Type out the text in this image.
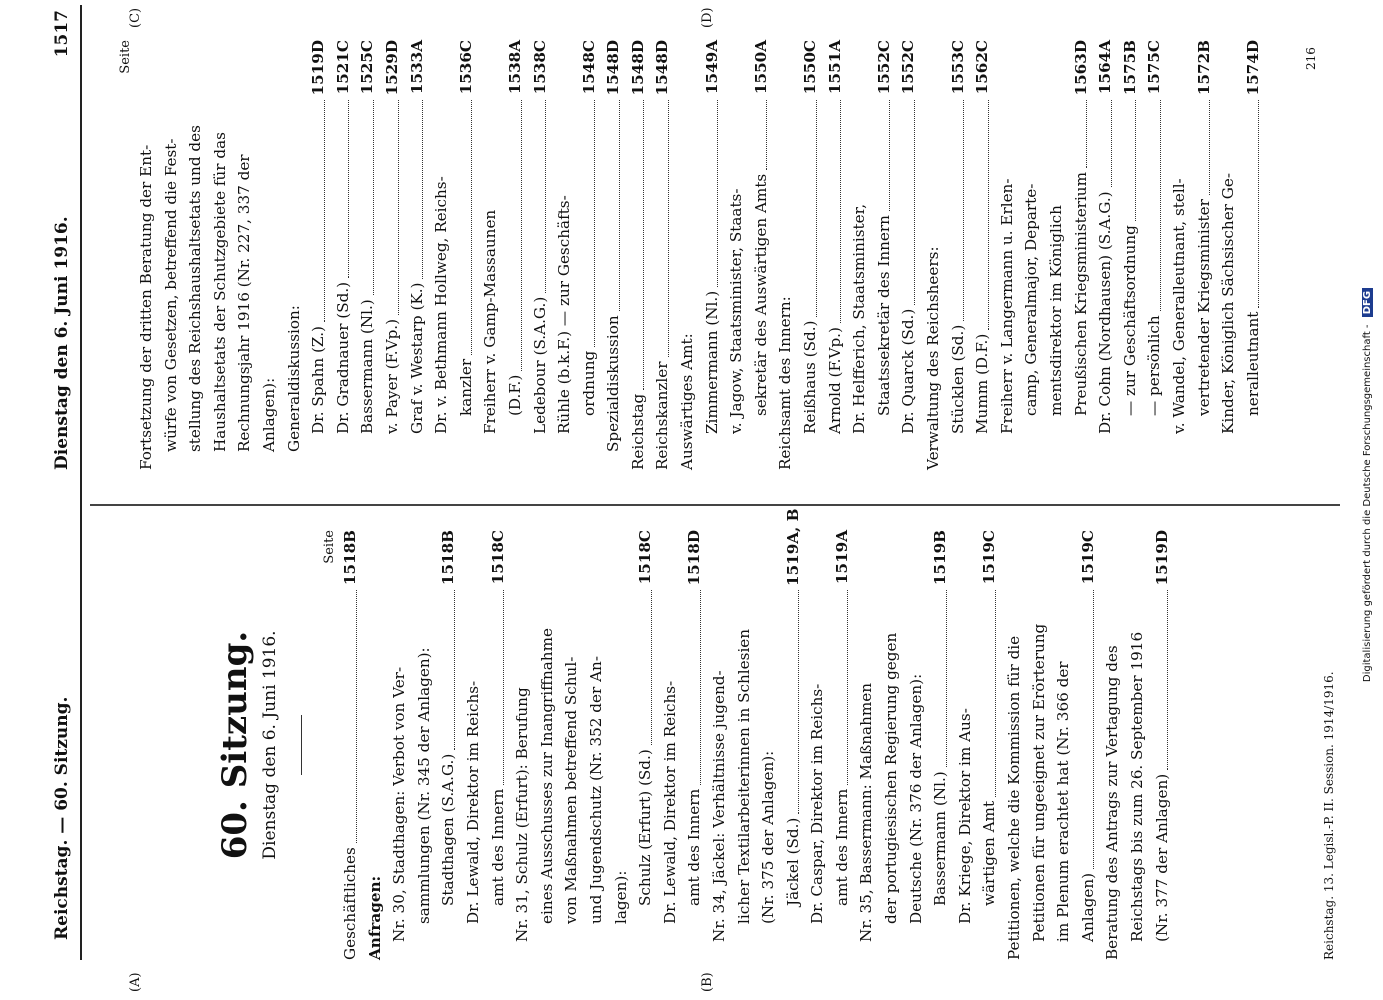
Reichstag. — 60. Sitzung.
Dienstag den 6. Juni 1916.
1517
(A)	(B)
(C)	(D)
60. Sitzung. Dienstag den 6. Juni 1916.
Seite
Geschäftliches
1518B
Anfragen: Nr. 30, Stadthagen: Verbot von Ver- sammlungen (Nr. 345 der Anlagen): Stadthagen (S.A.G.)
1518B
Dr. Lewald, Direktor im Reichs- amt des Innern
1518C
Nr. 31, Schulz (Erfurt): Berufung eines Ausschusses zur Inangriffnahme von Maßnahmen betreffend Schul- und Jugendschutz (Nr. 352 der An- lagen): Schulz (Erfurt) (Sd.)
1518C
Dr. Lewald, Direktor im Reichs- amt des Innern
1518D
Nr. 34, Jäckel: Verhältnisse jugend- licher Textilarbeiterinnen in Schlesien (Nr. 375 der Anlagen): Jäckel (Sd.)
1519A, B
Dr. Caspar, Direktor im Reichs- amt des Innern
1519A
Nr. 35, Bassermann: Maßnahmen der portugiesischen Regierung gegen Deutsche (Nr. 376 der Anlagen): Bassermann (Nl.)
1519B
Dr. Kriege, Direktor im Aus- wärtigen Amt
1519C
Petitionen, welche die Kommission für die Petitionen für ungeeignet zur Erörterung im Plenum erachtet hat (Nr. 366 der Anlagen)
1519C
Beratung des Antrags zur Vertagung des Reichstags bis zum 26. September 1916 (Nr. 377 der Anlagen)
1519D
Seite
Fortsetzung der dritten Beratung der Ent- würfe von Gesetzen, betreffend die Fest- stellung des Reichshaushaltsetats und des Haushaltsetats der Schutzgebiete für das Rechnungsjahr 1916 (Nr. 227, 337 der Anlagen): Generaldiskussion: Dr. Spahn (Z.)
1519D
Dr. Gradnauer (Sd.)
1521C
Bassermann (Nl.)
1525C
v. Payer (F.Vp.)
1529D
Graf v. Westarp (K.)
1533A
Dr. v. Bethmann Hollweg, Reichs- kanzler
1536C
Freiherr v. Gamp-Massaunen (D.F.)
1538A
Ledebour (S.A.G.)
1538C
Rühle (b.k.F.) — zur Geschäfts- ordnung
1548C
Spezialdiskussion
1548D
Reichstag
1548D
Reichskanzler
1548D
Auswärtiges Amt: Zimmermann (Nl.)
1549A
v. Jagow, Staatsminister, Staats- sekretär des Auswärtigen Amts
1550A
Reichsamt des Innern: Reißhaus (Sd.)
1550C
Arnold (F.Vp.)
1551A
Dr. Helfferich, Staatsminister, Staatssekretär des Innern
1552C
Dr. Quarck (Sd.)
1552C
Verwaltung des Reichsheers: Stücklen (Sd.)
1553C
Mumm (D.F.)
1562C
Freiherr v. Langermann u. Erlen- camp, Generalmajor, Departe- mentsdirektor im Königlich Preußischen Kriegsministerium
1563D
Dr. Cohn (Nordhausen) (S.A.G.)
1564A
— zur Geschäftsordnung
1575B
— persönlich
1575C
v. Wandel, Generalleutnant, stell- vertretender Kriegsminister
1572B
Kinder, Königlich Sächsischer Ge- neralleutnant
1574D
Reichstag. 13. Legisl.-P. II. Session. 1914/1916.
216
Digitalisierung gefördert durch die Deutsche Forschungsgemeinschaft - DFG
